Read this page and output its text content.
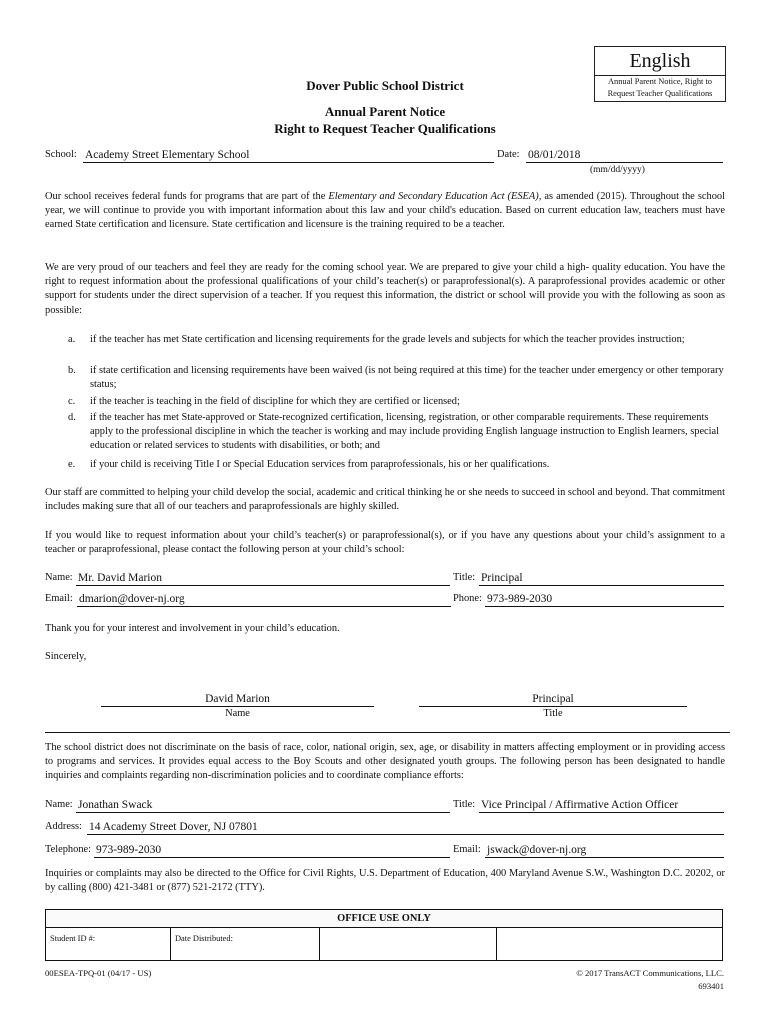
English
Annual Parent Notice, Right to
Request Teacher Qualifications
Dover Public School District
Annual Parent Notice
Right to Request Teacher Qualifications
School: Academy Street Elementary School	Date: 08/01/2018
(mm/dd/yyyy)
Our school receives federal funds for programs that are part of the Elementary and Secondary Education Act (ESEA), as amended (2015). Throughout the school year, we will continue to provide you with important information about this law and your child's education. Based on current education law, teachers must have earned State certification and licensure. State certification and licensure is the training required to be a teacher.
We are very proud of our teachers and feel they are ready for the coming school year. We are prepared to give your child a high- quality education. You have the right to request information about the professional qualifications of your child’s teacher(s) or paraprofessional(s). A paraprofessional provides academic or other support for students under the direct supervision of a teacher. If you request this information, the district or school will provide you with the following as soon as possible:
a.	if the teacher has met State certification and licensing requirements for the grade levels and subjects for which the teacher provides instruction;
b.	if state certification and licensing requirements have been waived (is not being required at this time) for the teacher under emergency or other temporary status;
c.	if the teacher is teaching in the field of discipline for which they are certified or licensed;
d.	if the teacher has met State-approved or State-recognized certification, licensing, registration, or other comparable requirements. These requirements apply to the professional discipline in which the teacher is working and may include providing English language instruction to English learners, special education or related services to students with disabilities, or both; and
e.	if your child is receiving Title I or Special Education services from paraprofessionals, his or her qualifications.
Our staff are committed to helping your child develop the social, academic and critical thinking he or she needs to succeed in school and beyond. That commitment includes making sure that all of our teachers and paraprofessionals are highly skilled.
If you would like to request information about your child’s teacher(s) or paraprofessional(s), or if you have any questions about your child’s assignment to a teacher or paraprofessional, please contact the following person at your child’s school:
Name: Mr. David Marion	Title: Principal
Email: dmarion@dover-nj.org	Phone: 973-989-2030
Thank you for your interest and involvement in your child’s education.
Sincerely,
David Marion
Name
Principal
Title
The school district does not discriminate on the basis of race, color, national origin, sex, age, or disability in matters affecting employment or in providing access to programs and services. It provides equal access to the Boy Scouts and other designated youth groups. The following person has been designated to handle inquiries and complaints regarding non-discrimination policies and to coordinate compliance efforts:
Name: Jonathan Swack	Title: Vice Principal / Affirmative Action Officer
Address: 14 Academy Street Dover, NJ 07801
Telephone: 973-989-2030	Email: jswack@dover-nj.org
Inquiries or complaints may also be directed to the Office for Civil Rights, U.S. Department of Education, 400 Maryland Avenue S.W., Washington D.C. 20202, or by calling (800) 421-3481 or (877) 521-2172 (TTY).
OFFICE USE ONLY
Student ID #:	Date Distributed:		
00ESEA-TPQ-01 (04/17 - US)	© 2017 TransACT Communications, LLC.
693401
